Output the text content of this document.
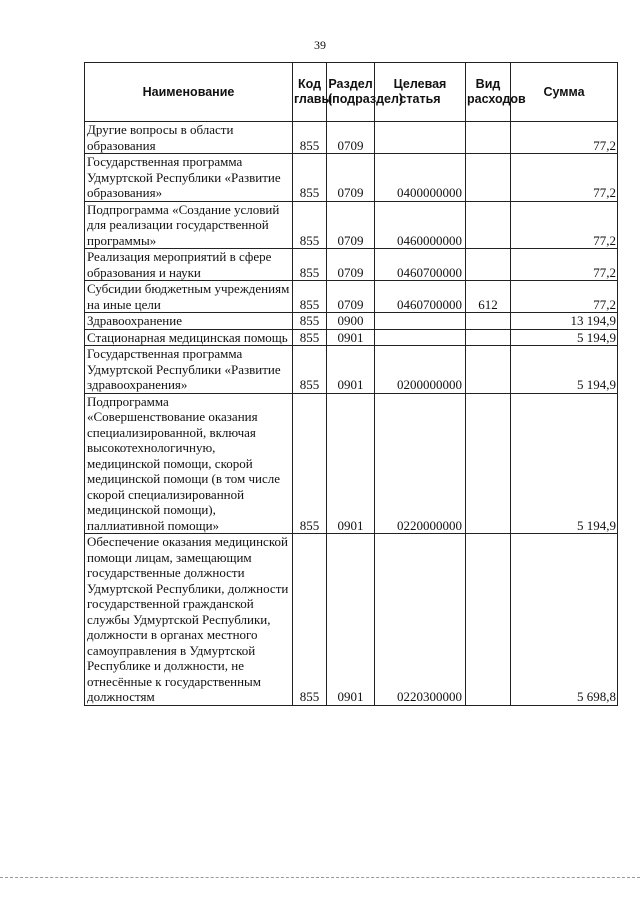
39
Наименование	Код главы	Раздел (подраздел)	Целевая статья	Вид расходов	Сумма
Другие вопросы в области образования	855	0709			77,2
Государственная программа Удмуртской Республики «Развитие образования»	855	0709	0400000000		77,2
Подпрограмма «Создание условий для реализации государственной программы»	855	0709	0460000000		77,2
Реализация мероприятий в сфере образования и науки	855	0709	0460700000		77,2
Субсидии бюджетным учреждениям на иные цели	855	0709	0460700000	612	77,2
Здравоохранение	855	0900			13 194,9
Стационарная медицинская помощь	855	0901			5 194,9
Государственная программа Удмуртской Республики «Развитие здравоохранения»	855	0901	0200000000		5 194,9
Подпрограмма «Совершенствование оказания специализированной, включая высокотехнологичную, медицинской помощи, скорой медицинской помощи (в том числе скорой специализированной медицинской помощи), паллиативной помощи»	855	0901	0220000000		5 194,9
Обеспечение оказания медицинской помощи лицам, замещающим государственные должности Удмуртской Республики, должности государственной гражданской службы Удмуртской Республики, должности в органах местного самоуправления в Удмуртской Республике и должности, не отнесённые к государственным должностям	855	0901	0220300000		5 698,8
